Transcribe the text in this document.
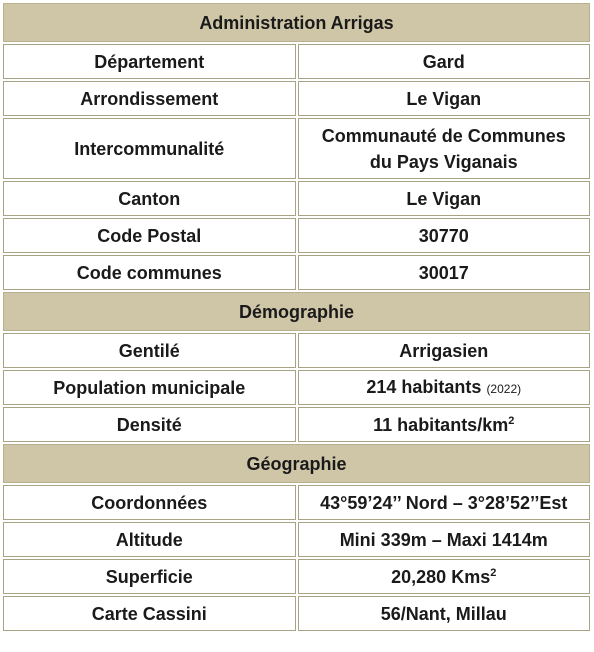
Administration Arrigas	
Département	Gard
Arrondissement	Le Vigan
Intercommunalité	Communauté de Communes
du Pays Viganais
Canton	Le Vigan
Code Postal	30770
Code communes	30017
Démographie	
Gentilé	Arrigasien
Population municipale	214 habitants (2022)
Densité	11 habitants/$km^2$
Géographie	
Coordonnées	43°59’24’’ Nord – 3°28’52’’Est
Altitude	Mini 339m – Maxi 1414m
Superficie	20,280 Kms$^2$
Carte Cassini	56/Nant, Millau
